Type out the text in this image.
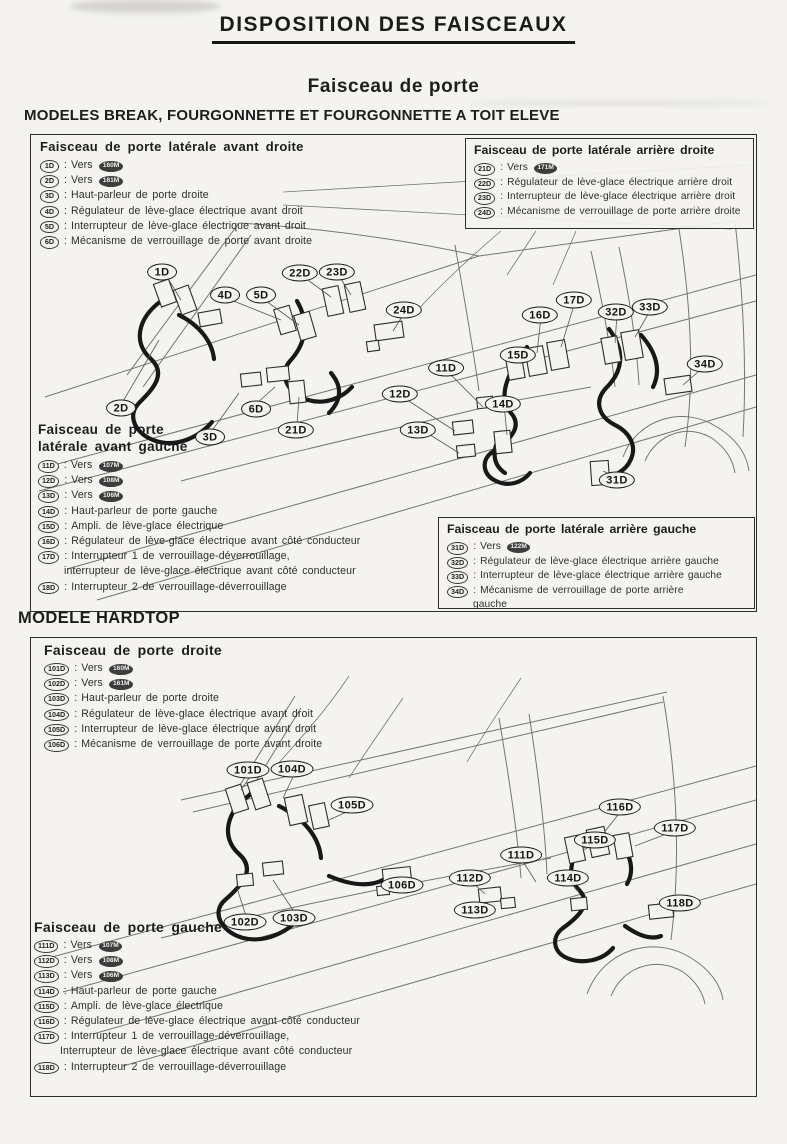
DISPOSITION DES FAISCEAUX
Faisceau de porte
MODELES BREAK, FOURGONNETTE ET FOURGONNETTE A TOIT ELEVE
MODELE HARDTOP
Faisceau de porte latérale avant droite
1D : Vers 160M
2D : Vers 161M
3D : Haut-parleur de porte droite
4D : Régulateur de lève-glace électrique avant droit
5D : Interrupteur de lève-glace électrique avant droit
6D : Mécanisme de verrouillage de porte avant droite
Faisceau de porte latérale arrière droite
21D : Vers 171M
22D : Régulateur de lève-glace électrique arrière droit
23D : Interrupteur de lève-glace électrique arrière droit
24D : Mécanisme de verrouillage de porte arrière droite
Faisceau de porte
latérale avant gauche
11D : Vers 107M
12D : Vers 108M
13D : Vers 106M
14D : Haut-parleur de porte gauche
15D : Ampli. de lève-glace électrique
16D : Régulateur de lève-glace électrique avant côté conducteur
17D : Interrupteur 1 de verrouillage-déverrouillage,
interrupteur de lève-glace électrique avant côté conducteur
18D : Interrupteur 2 de verrouillage-déverrouillage
Faisceau de porte latérale arrière gauche
31D : Vers 122M
32D : Régulateur de lève-glace électrique arrière gauche
33D : Interrupteur de lève-glace électrique arrière gauche
34D : Mécanisme de verrouillage de porte arrière
gauche
Faisceau de porte droite
101D : Vers 160M
102D : Vers 161M
103D : Haut-parleur de porte droite
104D : Régulateur de lève-glace électrique avant droit
105D : Interrupteur de lève-glace électrique avant droit
106D : Mécanisme de verrouillage de porte avant droite
Faisceau de porte gauche
111D : Vers 107M
112D : Vers 108M
113D : Vers 106M
114D : Haut-parleur de porte gauche
115D : Ampli. de lève-glace électrique
116D : Régulateur de lève-glace électrique avant côté conducteur
117D : Interrupteur 1 de verrouillage-déverrouillage,
Interrupteur de lève-glace électrique avant côté conducteur
118D : Interrupteur 2 de verrouillage-déverrouillage
1D
4D	5D
22D	23D
24D
2D
3D
6D
21D
12D
13D
11D
14D
15D
16D
17D
32D	33D
34D
31D
101D	104D
105D
106D
102D	103D
111D
112D
113D
114D
115D
116D
117D
118D
